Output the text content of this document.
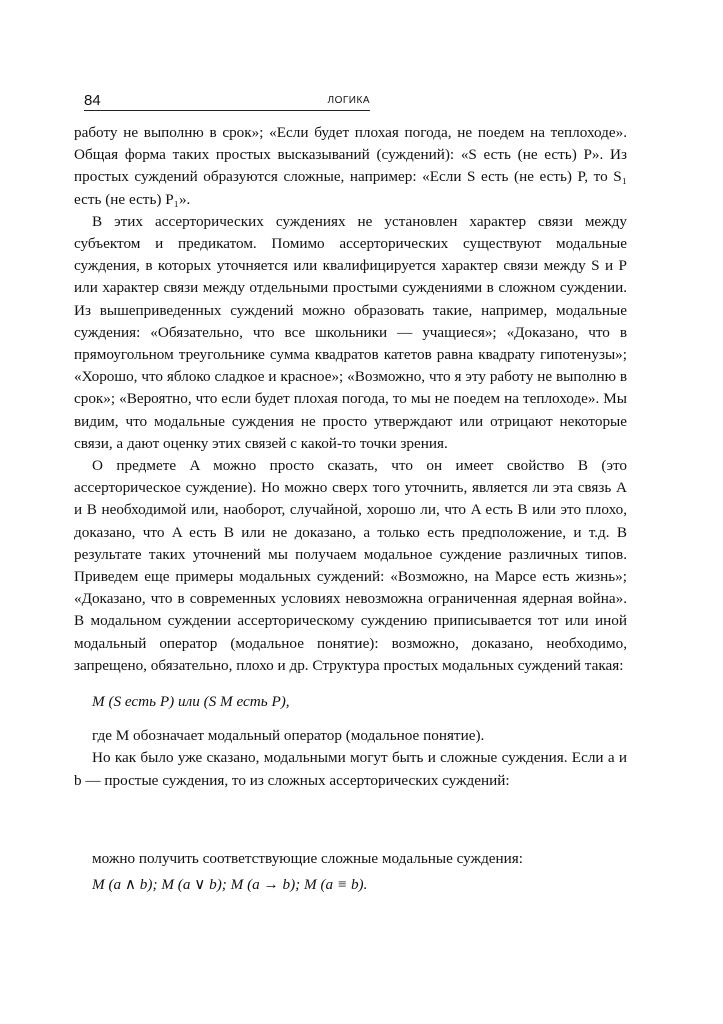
84	ЛОГИКА

работу не выполню в срок»; «Если будет плохая погода, не поедем на теплоходе». Общая форма таких простых высказываний (суждений): «S есть (не есть) P». Из простых суждений образуются сложные, например: «Если S есть (не есть) P, то S₁ есть (не есть) P₁».

В этих ассерторических суждениях не установлен характер связи между субъектом и предикатом. Помимо ассерторических существуют модальные суждения, в которых уточняется или квалифицируется характер связи между S и P или характер связи между отдельными простыми суждениями в сложном суждении. Из вышеприведенных суждений можно образовать такие, например, модальные суждения: «Обязательно, что все школьники — учащиеся»; «Доказано, что в прямоугольном треугольнике сумма квадратов катетов равна квадрату гипотенузы»; «Хорошо, что яблоко сладкое и красное»; «Возможно, что я эту работу не выполню в срок»; «Вероятно, что если будет плохая погода, то мы не поедем на теплоходе». Мы видим, что модальные суждения не просто утверждают или отрицают некоторые связи, а дают оценку этих связей с какой-то точки зрения.

О предмете A можно просто сказать, что он имеет свойство B (это ассерторическое суждение). Но можно сверх того уточнить, является ли эта связь A и B необходимой или, наоборот, случайной, хорошо ли, что A есть B или это плохо, доказано, что A есть B или не доказано, а только есть предположение, и т.д. В результате таких уточнений мы получаем модальное суждение различных типов. Приведем еще примеры модальных суждений: «Возможно, на Марсе есть жизнь»; «Доказано, что в современных условиях невозможна ограниченная ядерная война». В модальном суждении ассерторическому суждению приписывается тот или иной модальный оператор (модальное понятие): возможно, доказано, необходимо, запрещено, обязательно, плохо и др. Структура простых модальных суждений такая:

M (S есть P) или (S M есть P),

где M обозначает модальный оператор (модальное понятие).

Но как было уже сказано, модальными могут быть и сложные суждения. Если a и b — простые суждения, то из сложных ассерторических суждений:

можно получить соответствующие сложные модальные суждения:

M (a ∧ b); M (a ∨ b); M (a → b); M (a ≡ b).
